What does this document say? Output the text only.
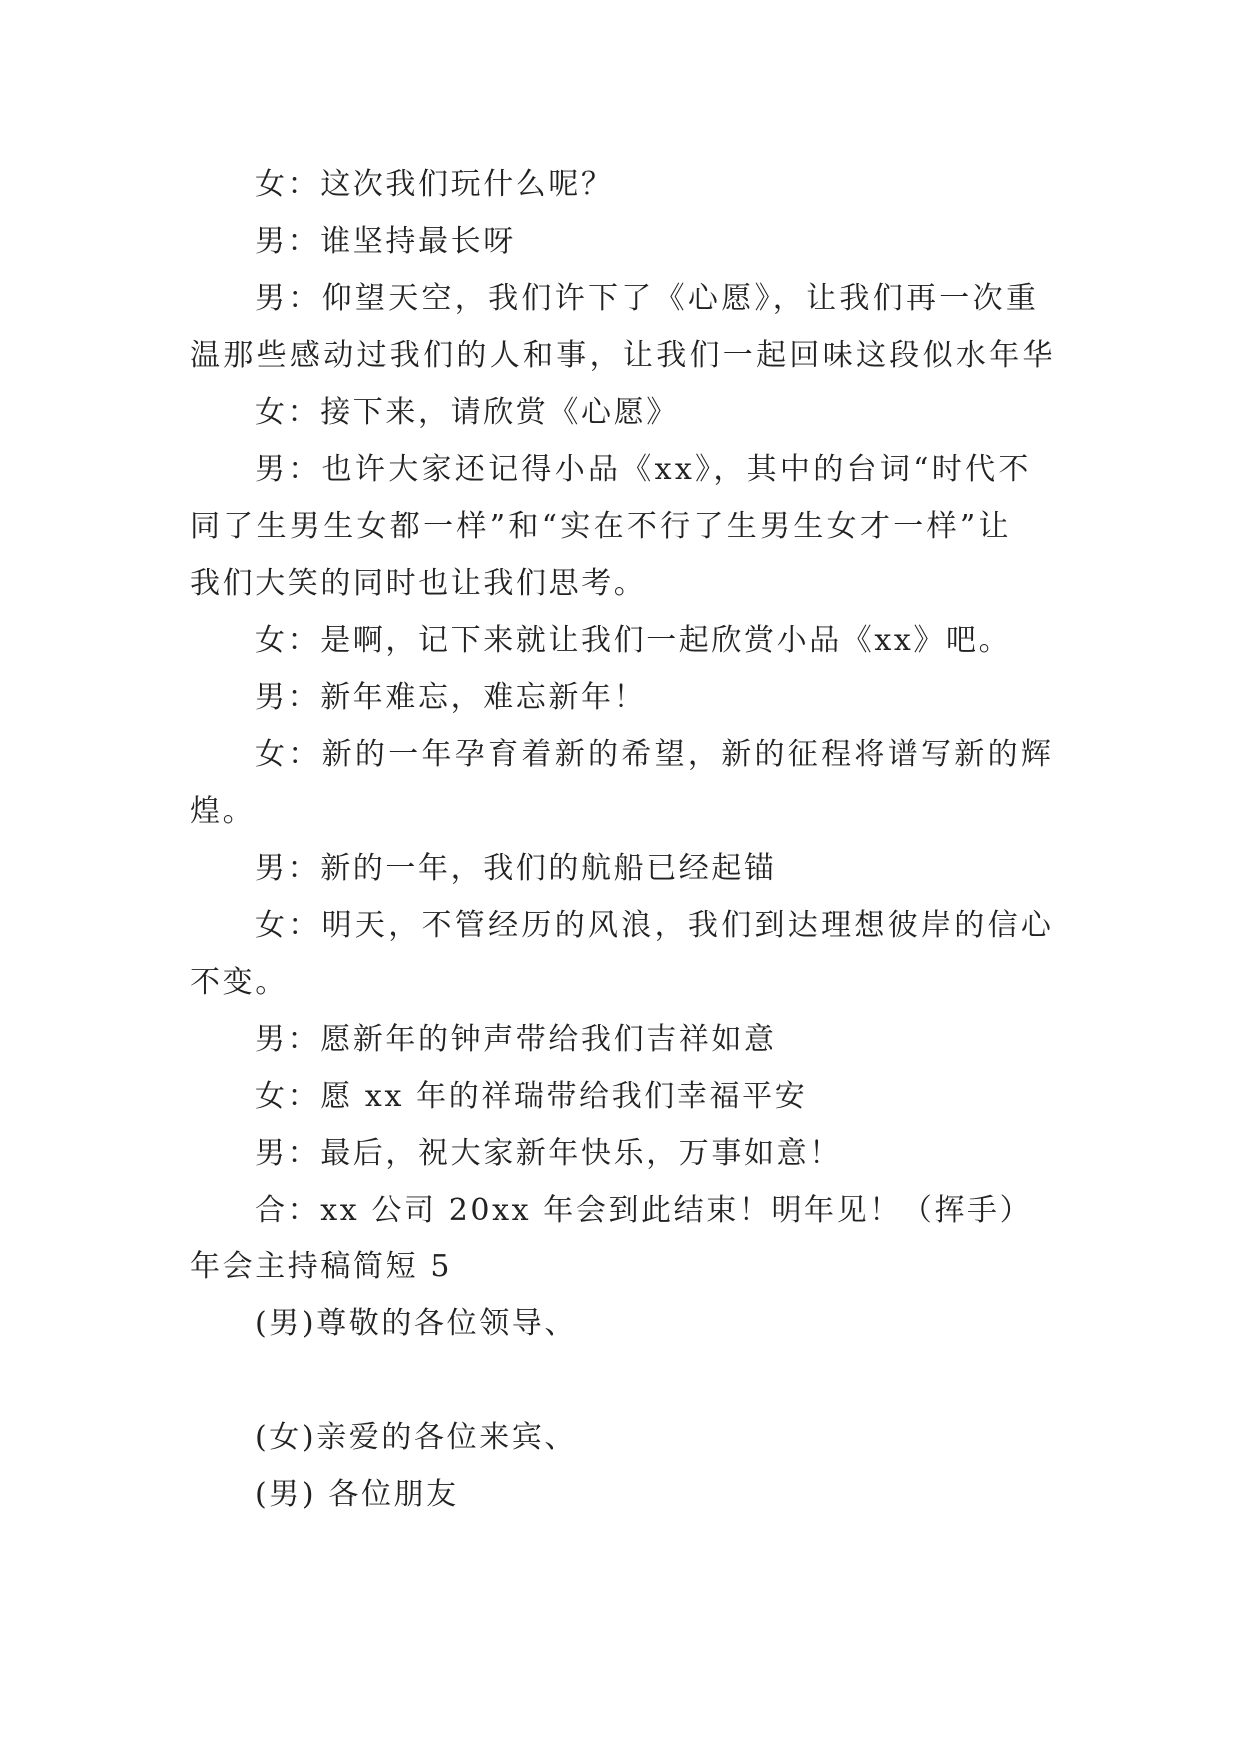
女：这次我们玩什么呢？
男：谁坚持最长呀
男：仰望天空，我们许下了《心愿》，让我们再一次重
温那些感动过我们的人和事，让我们一起回味这段似水年华
女：接下来，请欣赏《心愿》
男：也许大家还记得小品《xx》，其中的台词“时代不
同了生男生女都一样”和“实在不行了生男生女才一样”让
我们大笑的同时也让我们思考。
女：是啊，记下来就让我们一起欣赏小品《xx》吧。
男：新年难忘，难忘新年！
女：新的一年孕育着新的希望，新的征程将谱写新的辉
煌。
男：新的一年，我们的航船已经起锚
女：明天，不管经历的风浪，我们到达理想彼岸的信心
不变。
男：愿新年的钟声带给我们吉祥如意
女：愿 xx 年的祥瑞带给我们幸福平安
男：最后，祝大家新年快乐，万事如意！
合：xx 公司 20xx 年会到此结束！明年见！（挥手）
年会主持稿简短 5
(男)尊敬的各位领导、
(女)亲爱的各位来宾、
(男) 各位朋友
